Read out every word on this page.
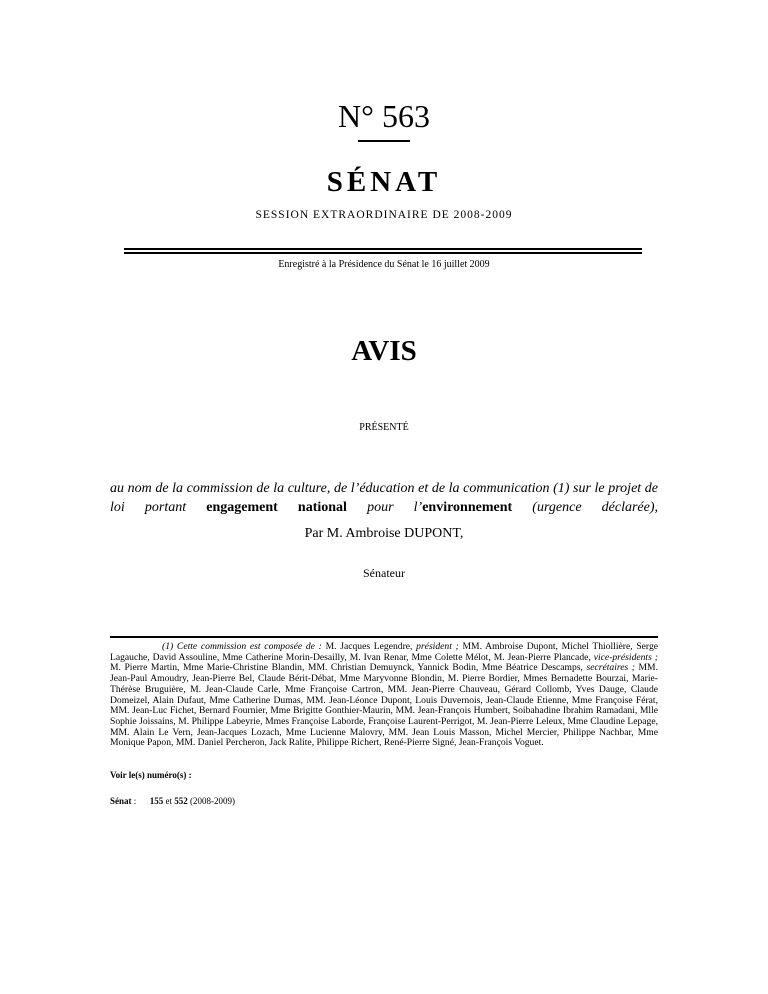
N° 563
SÉNAT
SESSION EXTRAORDINAIRE DE 2008-2009
Enregistré à la Présidence du Sénat le 16 juillet 2009
AVIS
PRÉSENTÉ
au nom de la commission de la culture, de l’éducation et de la communication (1) sur le projet de loi portant engagement national pour l’environnement (urgence déclarée),
Par M. Ambroise DUPONT,
Sénateur
(1) Cette commission est composée de : M. Jacques Legendre, président ; MM. Ambroise Dupont, Michel Thiollière, Serge Lagauche, David Assouline, Mme Catherine Morin-Desailly, M. Ivan Renar, Mme Colette Mélot, M. Jean-Pierre Plancade, vice-présidents ; M. Pierre Martin, Mme Marie-Christine Blandin, MM. Christian Demuynck, Yannick Bodin, Mme Béatrice Descamps, secrétaires ; MM. Jean-Paul Amoudry, Jean-Pierre Bel, Claude Bérit-Débat, Mme Maryvonne Blondin, M. Pierre Bordier, Mmes Bernadette Bourzai, Marie-Thérèse Bruguière, M. Jean-Claude Carle, Mme Françoise Cartron, MM. Jean-Pierre Chauveau, Gérard Collomb, Yves Dauge, Claude Domeizel, Alain Dufaut, Mme Catherine Dumas, MM. Jean-Léonce Dupont, Louis Duvernois, Jean-Claude Etienne, Mme Françoise Férat, MM. Jean-Luc Fichet, Bernard Fournier, Mme Brigitte Gonthier-Maurin, MM. Jean-François Humbert, Soibahadine Ibrahim Ramadani, Mlle Sophie Joissains, M. Philippe Labeyrie, Mmes Françoise Laborde, Françoise Laurent-Perrigot, M. Jean-Pierre Leleux, Mme Claudine Lepage, MM. Alain Le Vern, Jean-Jacques Lozach, Mme Lucienne Malovry, MM. Jean Louis Masson, Michel Mercier, Philippe Nachbar, Mme Monique Papon, MM. Daniel Percheron, Jack Ralite, Philippe Richert, René-Pierre Signé, Jean-François Voguet.
Voir le(s) numéro(s) :
Sénat :      155 et 552 (2008-2009)
